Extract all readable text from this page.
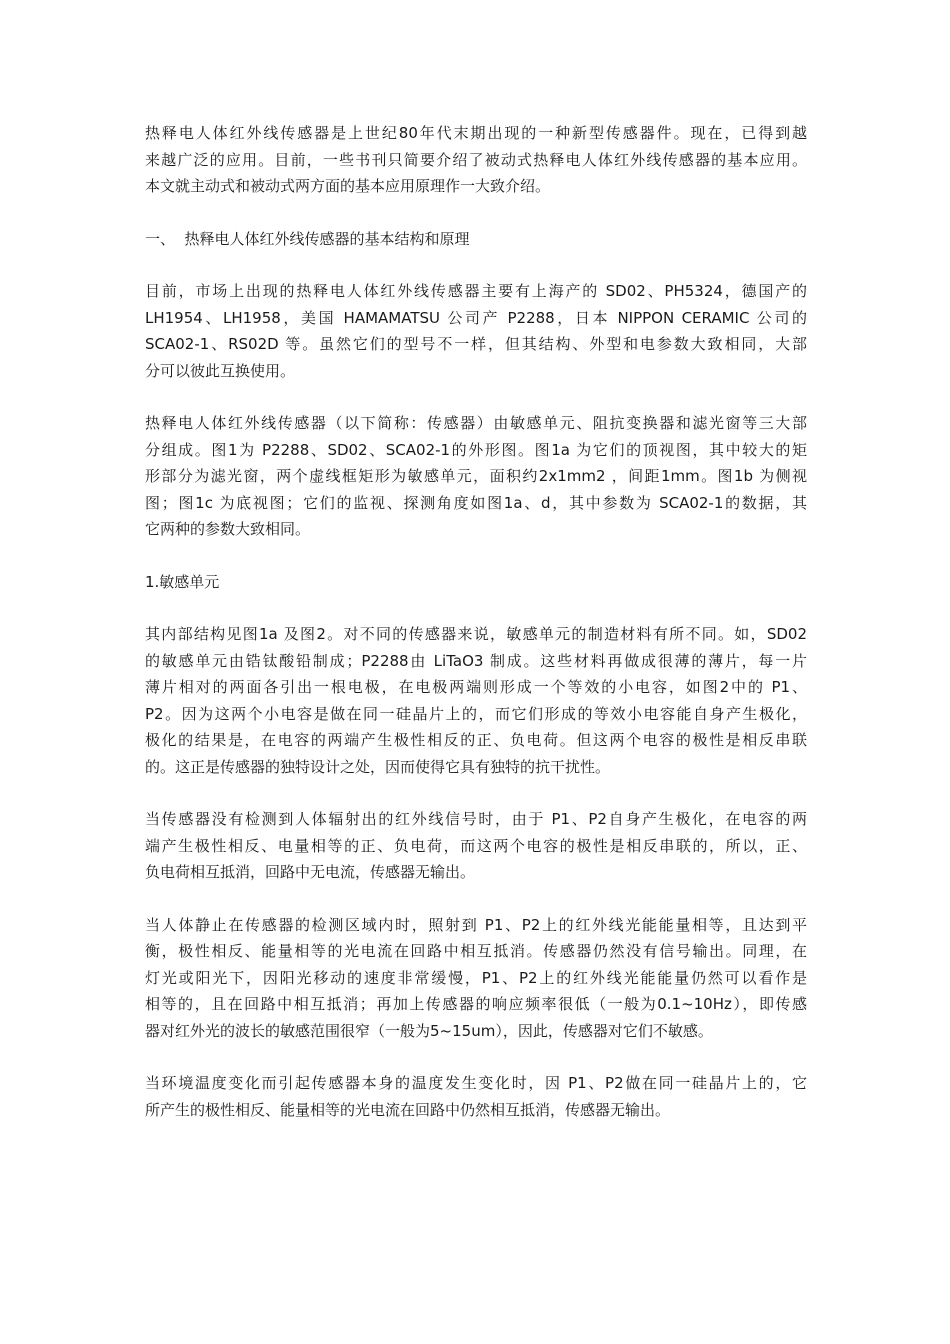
热释电人体红外线传感器是上世纪80年代末期出现的一种新型传感器件。现在，已得到越
来越广泛的应用。目前，一些书刊只简要介绍了被动式热释电人体红外线传感器的基本应用。
本文就主动式和被动式两方面的基本应用原理作一大致介绍。
一、  热释电人体红外线传感器的基本结构和原理
目前，市场上出现的热释电人体红外线传感器主要有上海产的 SD02、PH5324，德国产的
LH1954、LH1958，美国 HAMAMATSU 公司产 P2288，日本 NIPPON CERAMIC 公司的
SCA02-1、RS02D 等。虽然它们的型号不一样，但其结构、外型和电参数大致相同，大部
分可以彼此互换使用。
热释电人体红外线传感器（以下简称：传感器）由敏感单元、阻抗变换器和滤光窗等三大部
分组成。图1为 P2288、SD02、SCA02-1的外形图。图1a 为它们的顶视图，其中较大的矩
形部分为滤光窗，两个虚线框矩形为敏感单元，面积约2x1mm2 ，间距1mm。图1b 为侧视
图；图1c 为底视图；它们的监视、探测角度如图1a、d，其中参数为 SCA02-1的数据，其
它两种的参数大致相同。
1.敏感单元
其内部结构见图1a 及图2。对不同的传感器来说，敏感单元的制造材料有所不同。如，SD02
的敏感单元由锆钛酸铅制成；P2288由 LiTaO3 制成。这些材料再做成很薄的薄片，每一片
薄片相对的两面各引出一根电极，在电极两端则形成一个等效的小电容，如图2中的 P1、
P2。因为这两个小电容是做在同一硅晶片上的，而它们形成的等效小电容能自身产生极化，
极化的结果是，在电容的两端产生极性相反的正、负电荷。但这两个电容的极性是相反串联
的。这正是传感器的独特设计之处，因而使得它具有独特的抗干扰性。
当传感器没有检测到人体辐射出的红外线信号时，由于 P1、P2自身产生极化，在电容的两
端产生极性相反、电量相等的正、负电荷，而这两个电容的极性是相反串联的，所以，正、
负电荷相互抵消，回路中无电流，传感器无输出。
当人体静止在传感器的检测区域内时，照射到 P1、P2上的红外线光能能量相等，且达到平
衡，极性相反、能量相等的光电流在回路中相互抵消。传感器仍然没有信号输出。同理，在
灯光或阳光下，因阳光移动的速度非常缓慢，P1、P2上的红外线光能能量仍然可以看作是
相等的，且在回路中相互抵消；再加上传感器的响应频率很低（一般为0.1~10Hz），即传感
器对红外光的波长的敏感范围很窄（一般为5~15um），因此，传感器对它们不敏感。
当环境温度变化而引起传感器本身的温度发生变化时，因 P1、P2做在同一硅晶片上的，它
所产生的极性相反、能量相等的光电流在回路中仍然相互抵消，传感器无输出。
